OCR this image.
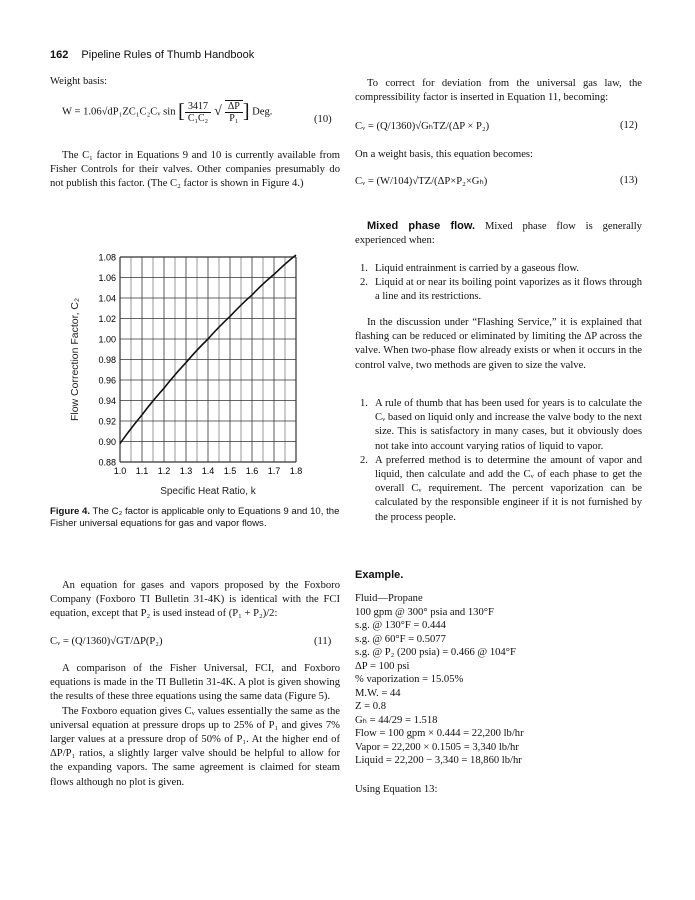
162 Pipeline Rules of Thumb Handbook
Weight basis:
W = 1.06√dP₁ZC₁C₂Cᵥ sin [ 3417	√	ΔP
C₁C₂		P₁ ] Deg.
(10)

The C₁ factor in Equations 9 and 10 is currently available from Fisher Controls for their valves. Other companies presumably do not publish this factor. (The C₂ factor is shown in Figure 4.)

0.88
0.90
0.92
0.94
0.96
0.98
1.00
1.02
1.04
1.06
1.08
1.0 1.1 1.2 1.3 1.4 1.5 1.6 1.7 1.8
Flow Correction Factor, C₂
Specific Heat Ratio, k
Figure 4. The C₂ factor is applicable only to Equations 9 and 10, the Fisher universal equations for gas and vapor flows.

An equation for gases and vapors proposed by the Foxboro Company (Foxboro TI Bulletin 31-4K) is identical with the FCI equation, except that P₂ is used instead of (P₁ + P₂)/2:

Cᵥ = (Q/1360)√GT/ΔP(P₂)	(11)

A comparison of the Fisher Universal, FCI, and Foxboro equations is made in the TI Bulletin 31-4K. A plot is given showing the results of these three equations using the same data (Figure 5).

The Foxboro equation gives Cᵥ values essentially the same as the universal equation at pressure drops up to 25% of P₁ and gives 7% larger values at a pressure drop of 50% of P₁. At the higher end of ΔP/P₁ ratios, a slightly larger valve should be helpful to allow for the expanding vapors. The same agreement is claimed for steam flows although no plot is given.

To correct for deviation from the universal gas law, the compressibility factor is inserted in Equation 11, becoming:

Cᵥ = (Q/1360)√GₕTZ/(ΔP × P₂)	(12)

On a weight basis, this equation becomes:

Cᵥ = (W/104)√TZ/(ΔP×P₂×Gₕ)	(13)

Mixed phase flow. Mixed phase flow is generally experienced when:

1. Liquid entrainment is carried by a gaseous flow.
2. Liquid at or near its boiling point vaporizes as it flows through a line and its restrictions.

In the discussion under “Flashing Service,” it is explained that flashing can be reduced or eliminated by limiting the ΔP across the valve. When two-phase flow already exists or when it occurs in the control valve, two methods are given to size the valve.

1. A rule of thumb that has been used for years is to calculate the Cᵥ based on liquid only and increase the valve body to the next size. This is satisfactory in many cases, but it obviously does not take into account varying ratios of liquid to vapor.
2. A preferred method is to determine the amount of vapor and liquid, then calculate and add the Cᵥ of each phase to get the overall Cᵥ requirement. The percent vaporization can be calculated by the responsible engineer if it is not furnished by the process people.
Example.

Fluid—Propane

100 gpm @ 300° psia and 130°F

s.g. @ 130°F = 0.444

s.g. @ 60°F = 0.5077

s.g. @ P₂ (200 psia) = 0.466 @ 104°F

ΔP = 100 psi

% vaporization = 15.05%

M.W. = 44

Z = 0.8

Gₕ = 44/29 = 1.518

Flow = 100 gpm × 0.444 = 22,200 lb/hr

Vapor = 22,200 × 0.1505 = 3,340 lb/hr

Liquid = 22,200 − 3,340 = 18,860 lb/hr

Using Equation 13:
